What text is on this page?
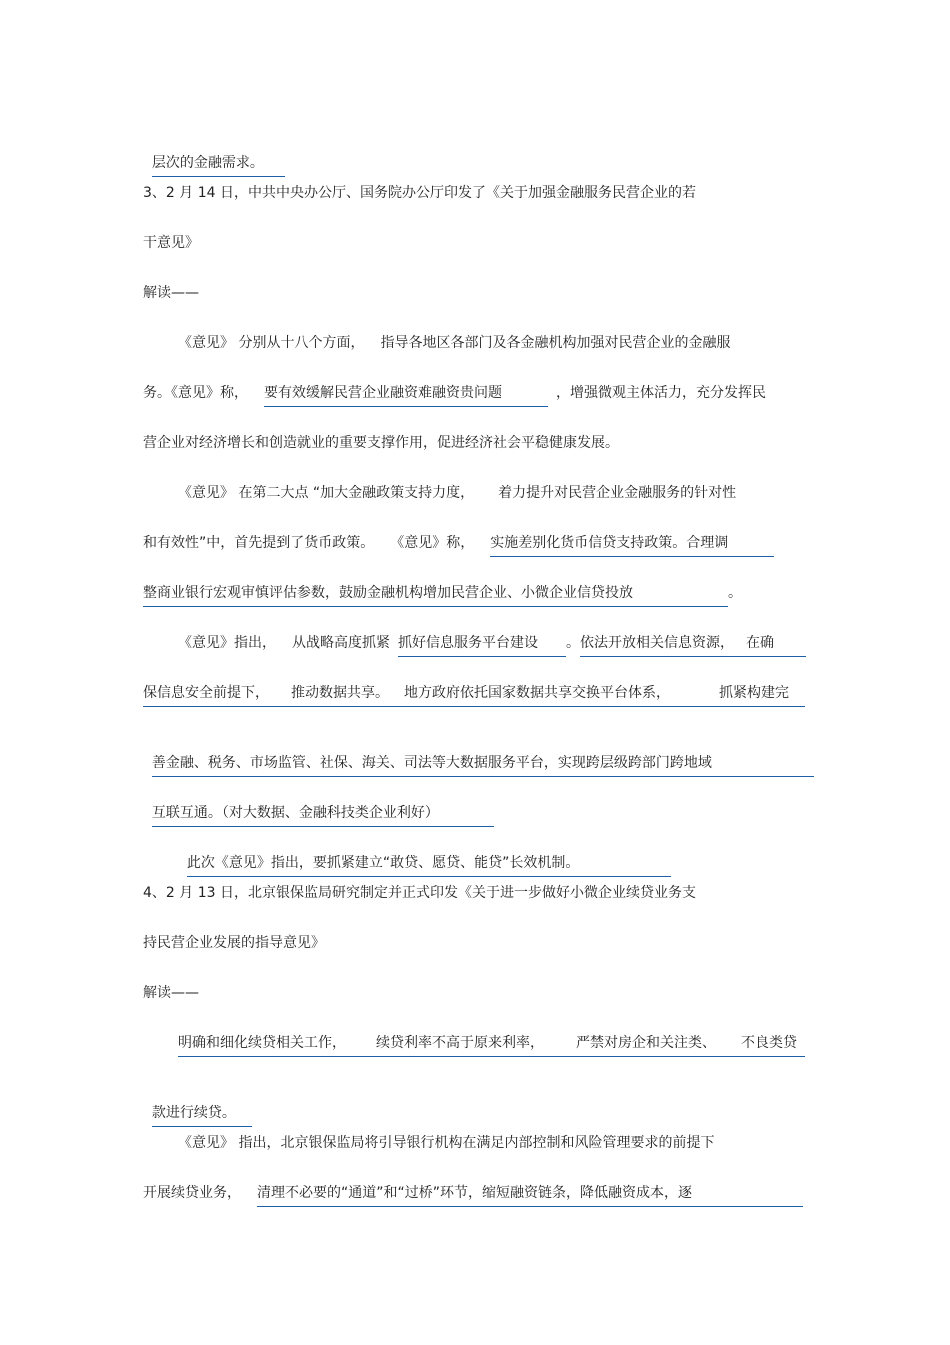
层次的金融需求。

3、2 月 14 日，中共中央办公厅、国务院办公厅印发了《关于加强金融服务民营企业的若

干意见》

解读——

《意见》 分别从十八个方面， 指导各地区各部门及各金融机构加强对民营企业的金融服

务。《意见》称， 要有效缓解民营企业融资难融资贵问题	，增强微观主体活力，充分发挥民

营企业对经济增长和创造就业的重要支撑作用，促进经济社会平稳健康发展。

《意见》 在第二大点 “加大金融政策支持力度， 着力提升对民营企业金融服务的针对性

和有效性”中，首先提到了货币政策。 《意见》称， 实施差别化货币信贷支持政策。合理调

整商业银行宏观审慎评估参数，鼓励金融机构增加民营企业、小微企业信贷投放	。

《意见》指出， 从战略高度抓紧 抓好信息服务平台建设 。依法开放相关信息资源， 在确

保信息安全前提下， 推动数据共享。 地方政府依托国家数据共享交换平台体系，	抓紧构建完

善金融、税务、市场监管、社保、海关、司法等大数据服务平台，实现跨层级跨部门跨地域

互联互通。（对大数据、金融科技类企业利好）

此次《意见》指出，要抓紧建立“敢贷、愿贷、能贷”长效机制。

4、2 月 13 日，北京银保监局研究制定并正式印发《关于进一步做好小微企业续贷业务支

持民营企业发展的指导意见》

解读——

明确和细化续贷相关工作， 续贷利率不高于原来利率， 严禁对房企和关注类、 不良类贷

款进行续贷。

《意见》 指出，北京银保监局将引导银行机构在满足内部控制和风险管理要求的前提下

开展续贷业务， 清理不必要的“通道”和“过桥”环节，缩短融资链条，降低融资成本，逐
